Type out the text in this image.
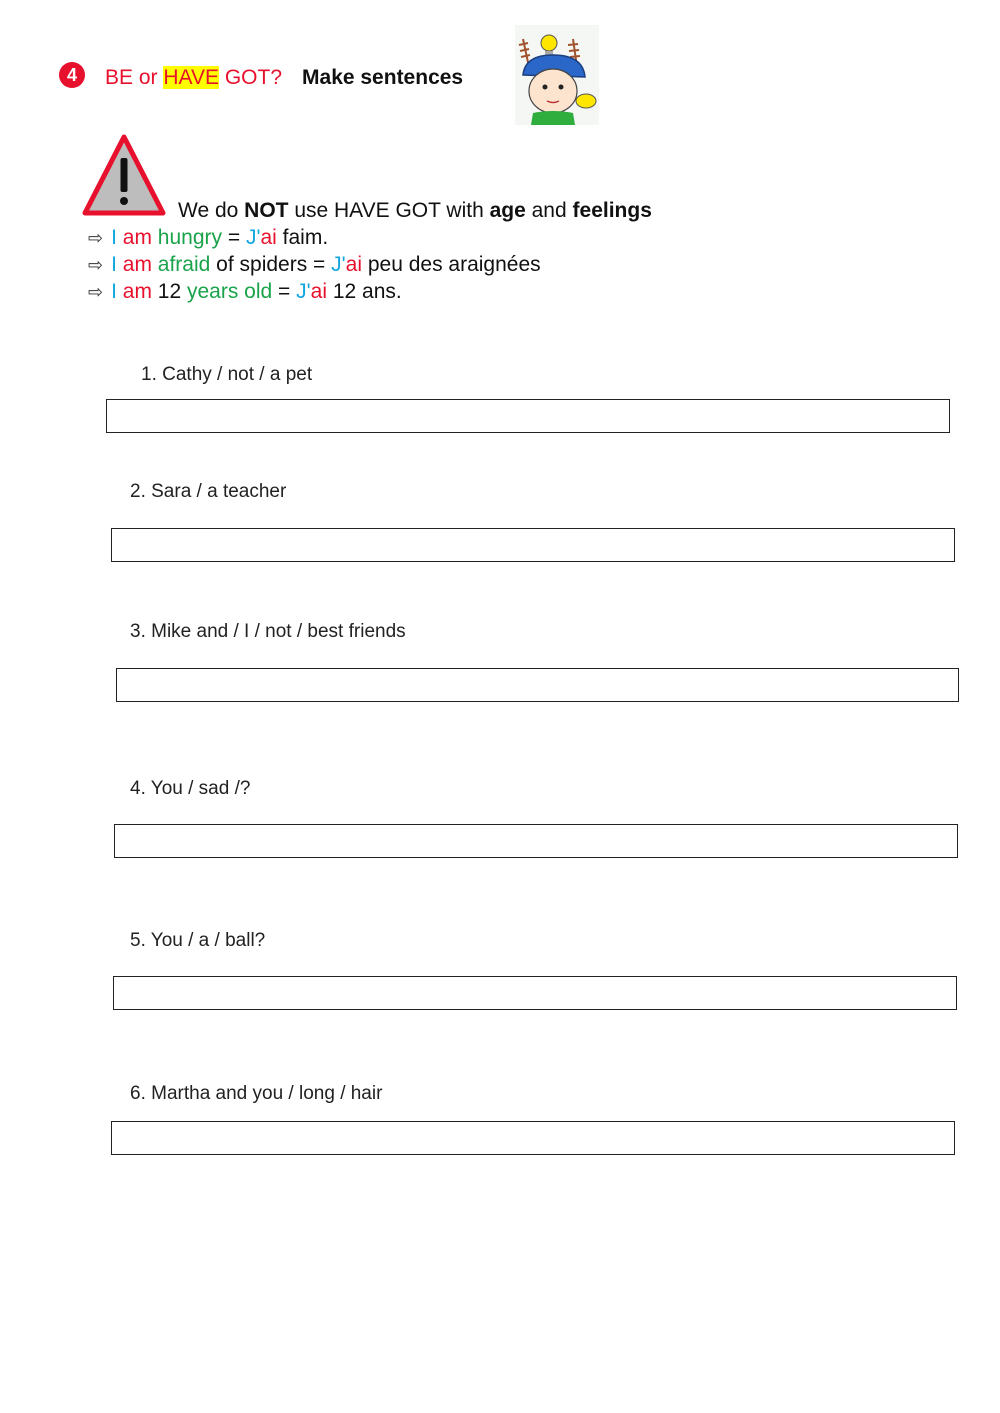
4	BE or HAVE GOT? Make sentences
We do NOT use HAVE GOT with age and feelings
⇨ I am hungry = J'ai faim.
⇨ I am afraid of spiders = J'ai peu des araignées
⇨ I am 12 years old = J'ai 12 ans.
1. Cathy / not / a pet
2. Sara / a teacher
3. Mike and / I / not / best friends
4. You / sad /?
5. You / a / ball?
6. Martha and you / long / hair
